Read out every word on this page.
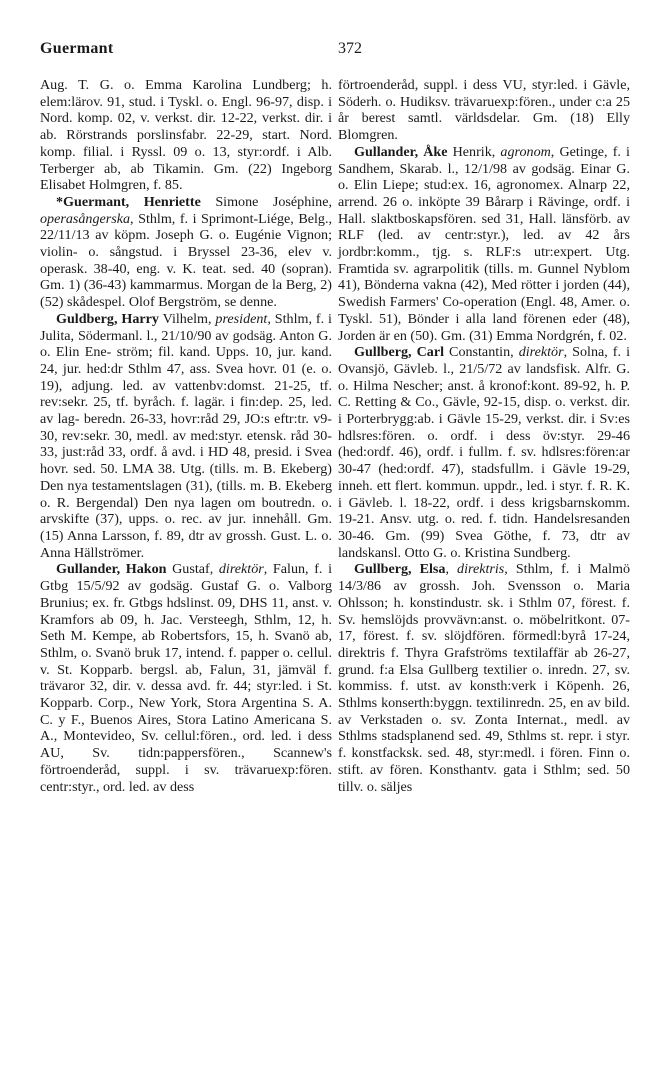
Guermant	372

Aug. T. G. o. Emma Karolina Lundberg; h. elem:lärov. 91, stud. i Tyskl. o. Engl. 96-97, disp. i Nord. komp. 02, v. verkst. dir. 12-22, verkst. dir. i ab. Rörstrands porslinsfabr. 22-29, start. Nord. komp. filial. i Ryssl. 09 o. 13, styr:ordf. i Alb. Terberger ab, ab Tikamin. Gm. (22) Ingeborg Elisabet Holmgren, f. 85.

*Guermant, Henriette Simone Joséphine, operasångerska, Sthlm, f. i Sprimont-Liége, Belg., 22/11/13 av köpm. Joseph G. o. Eugénie Vignon; violin- o. sångstud. i Bryssel 23-36, elev v. operask. 38-40, eng. v. K. teat. sed. 40 (sopran). Gm. 1) (36-43) kammarmus. Morgan de la Berg, 2) (52) skådespel. Olof Bergström, se denne.

Guldberg, Harry Vilhelm, president, Sthlm, f. i Julita, Södermanl. l., 21/10/90 av godsäg. Anton G. o. Elin Ene- ström; fil. kand. Upps. 10, jur. kand. 24, jur. hed:dr Sthlm 47, ass. Svea hovr. 01 (e. o. 19), adjung. led. av vattenbv:domst. 21-25, tf. rev:sekr. 25, tf. byråch. f. lagär. i fin:dep. 25, led. av lag- beredn. 26-33, hovr:råd 29, JO:s eftr:tr. v9-30, rev:sekr. 30, medl. av med:styr. etensk. råd 30-33, just:råd 33, ordf. å avd. i HD 48, presid. i Svea hovr. sed. 50. LMA 38. Utg. (tills. m. B. Ekeberg) Den nya testamentslagen (31), (tills. m. B. Ekeberg o. R. Bergendal) Den nya lagen om boutredn. o. arvskifte (37), upps. o. rec. av jur. innehåll. Gm. (15) Anna Larsson, f. 89, dtr av grossh. Gust. L. o. Anna Hällströmer.

Gullander, Hakon Gustaf, direktör, Falun, f. i Gtbg 15/5/92 av godsäg. Gustaf G. o. Valborg Brunius; ex. fr. Gtbgs hdslinst. 09, DHS 11, anst. v. Kramfors ab 09, h. Jac. Versteegh, Sthlm, 12, h. Seth M. Kempe, ab Robertsfors, 15, h. Svanö ab, Sthlm, o. Svanö bruk 17, intend. f. papper o. cellul. v. St. Kopparb. bergsl. ab, Falun, 31, jämväl f. trävaror 32, dir. v. dessa avd. fr. 44; styr:led. i St. Kopparb. Corp., New York, Stora Argentina S. A. C. y F., Buenos Aires, Stora Latino Americana S. A., Montevideo, Sv. cellul:fören., ord. led. i dess AU, Sv. tidn:pappersfören., Scannew's förtroenderåd, suppl. i sv. trävaruexp:fören. centr:styr., ord. led. av dess

förtroenderåd, suppl. i dess VU, styr:led. i Gävle, Söderh. o. Hudiksv. trävaruexp:fören., under c:a 25 år berest samtl. världsdelar. Gm. (18) Elly Blomgren.

Gullander, Åke Henrik, agronom, Getinge, f. i Sandhem, Skarab. l., 12/1/98 av godsäg. Einar G. o. Elin Liepe; stud:ex. 16, agronomex. Alnarp 22, arrend. 26 o. inköpte 39 Bårarp i Rävinge, ordf. i Hall. slaktboskapsfören. sed 31, Hall. länsförb. av RLF (led. av centr:styr.), led. av 42 års jordbr:komm., tjg. s. RLF:s utr:expert. Utg. Framtida sv. agrarpolitik (tills. m. Gunnel Nyblom 41), Bönderna vakna (42), Med rötter i jorden (44), Swedish Farmers' Co-operation (Engl. 48, Amer. o. Tyskl. 51), Bönder i alla land förenen eder (48), Jorden är en (50). Gm. (31) Emma Nordgrén, f. 02.

Gullberg, Carl Constantin, direktör, Solna, f. i Ovansjö, Gävleb. l., 21/5/72 av landsfisk. Alfr. G. o. Hilma Nescher; anst. å kronof:kont. 89-92, h. P. C. Retting & Co., Gävle, 92-15, disp. o. verkst. dir. i Porterbrygg:ab. i Gävle 15-29, verkst. dir. i Sv:es hdlsres:fören. o. ordf. i dess öv:styr. 29-46 (hed:ordf. 46), ordf. i fullm. f. sv. hdlsres:fören:ar 30-47 (hed:ordf. 47), stadsfullm. i Gävle 19-29, inneh. ett flert. kommun. uppdr., led. i styr. f. R. K. i Gävleb. l. 18-22, ordf. i dess krigsbarnskomm. 19-21. Ansv. utg. o. red. f. tidn. Handelsresanden 30-46. Gm. (99) Svea Göthe, f. 73, dtr av landskansl. Otto G. o. Kristina Sundberg.

Gullberg, Elsa, direktris, Sthlm, f. i Malmö 14/3/86 av grossh. Joh. Svensson o. Maria Ohlsson; h. konstindustr. sk. i Sthlm 07, förest. f. Sv. hemslöjds provvävn:anst. o. möbelritkont. 07-17, förest. f. sv. slöjdfören. förmedl:byrå 17-24, direktris f. Thyra Grafströms textilaffär ab 26-27, grund. f:a Elsa Gullberg textilier o. inredn. 27, sv. kommiss. f. utst. av konsth:verk i Köpenh. 26, Sthlms konserth:byggn. textilinredn. 25, en av bild. av Verkstaden o. sv. Zonta Internat., medl. av Sthlms stadsplanend sed. 49, Sthlms st. repr. i styr. f. konstfacksk. sed. 48, styr:medl. i fören. Finn o. stift. av fören. Konsthantv. gata i Sthlm; sed. 50 tillv. o. säljes
